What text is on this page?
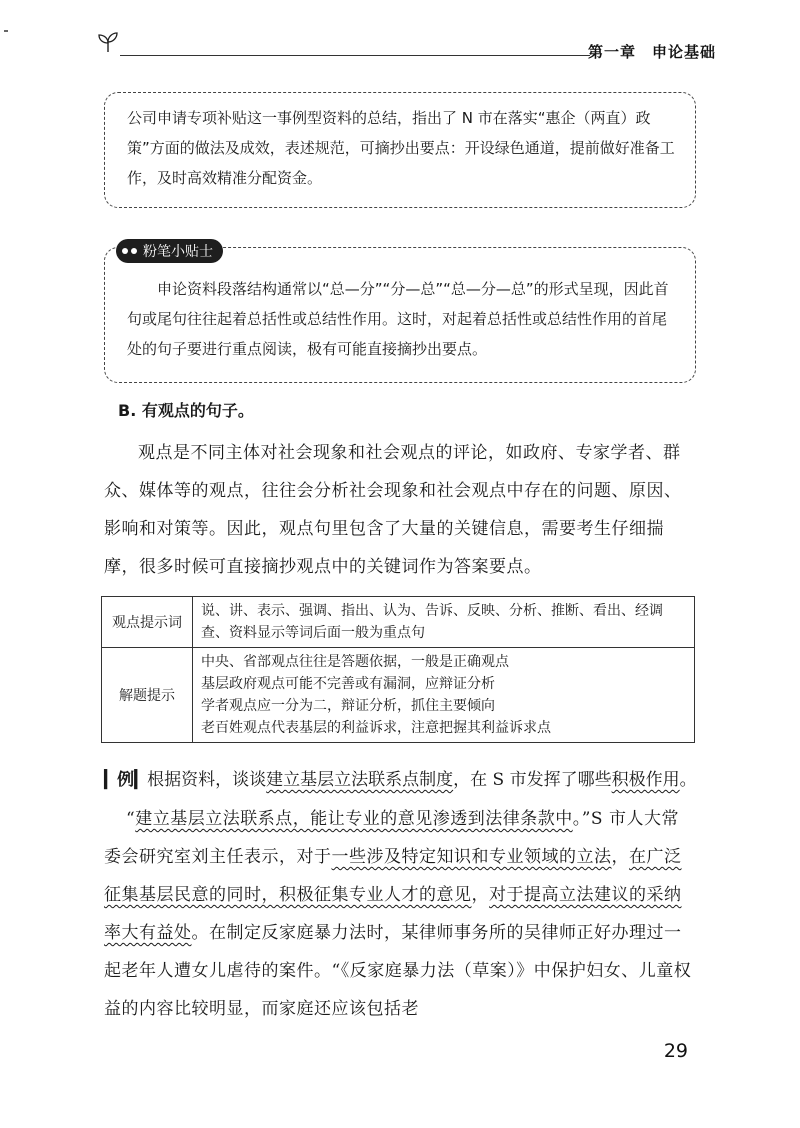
第一章　申论基础

公司申请专项补贴这一事例型资料的总结，指出了 N 市在落实“惠企（两直）政策”方面的做法及成效，表述规范，可摘抄出要点：开设绿色通道，提前做好准备工作，及时高效精准分配资金。

申论资料段落结构通常以“总—分”“分—总”“总—分—总”的形式呈现，因此首句或尾句往往起着总括性或总结性作用。这时，对起着总括性或总结性作用的首尾处的句子要进行重点阅读，极有可能直接摘抄出要点。

粉笔小贴士
B. 有观点的句子。

观点是不同主体对社会现象和社会观点的评论，如政府、专家学者、群众、媒体等的观点，往往会分析社会现象和社会观点中存在的问题、原因、影响和对策等。因此，观点句里包含了大量的关键信息，需要考生仔细揣摩，很多时候可直接摘抄观点中的关键词作为答案要点。

观点提示词	说、讲、表示、强调、指出、认为、告诉、反映、分析、推断、看出、经调
查、资料显示等词后面一般为重点句

解题提示	中央、省部观点往往是答题依据，一般是正确观点
基层政府观点可能不完善或有漏洞，应辩证分析
学者观点应一分为二，辩证分析，抓住主要倾向
老百姓观点代表基层的利益诉求，注意把握其利益诉求点
▎例▎根据资料，谈谈建立基层立法联系点制度，在 S 市发挥了哪些积极作用。

“建立基层立法联系点，能让专业的意见渗透到法律条款中。”S 市人大常委会研究室刘主任表示，对于一些涉及特定知识和专业领域的立法，在广泛征集基层民意的同时，积极征集专业人才的意见，对于提高立法建议的采纳率大有益处。在制定反家庭暴力法时，某律师事务所的吴律师正好办理过一起老年人遭女儿虐待的案件。“《反家庭暴力法（草案）》中保护妇女、儿童权益的内容比较明显，而家庭还应该包括老

29
